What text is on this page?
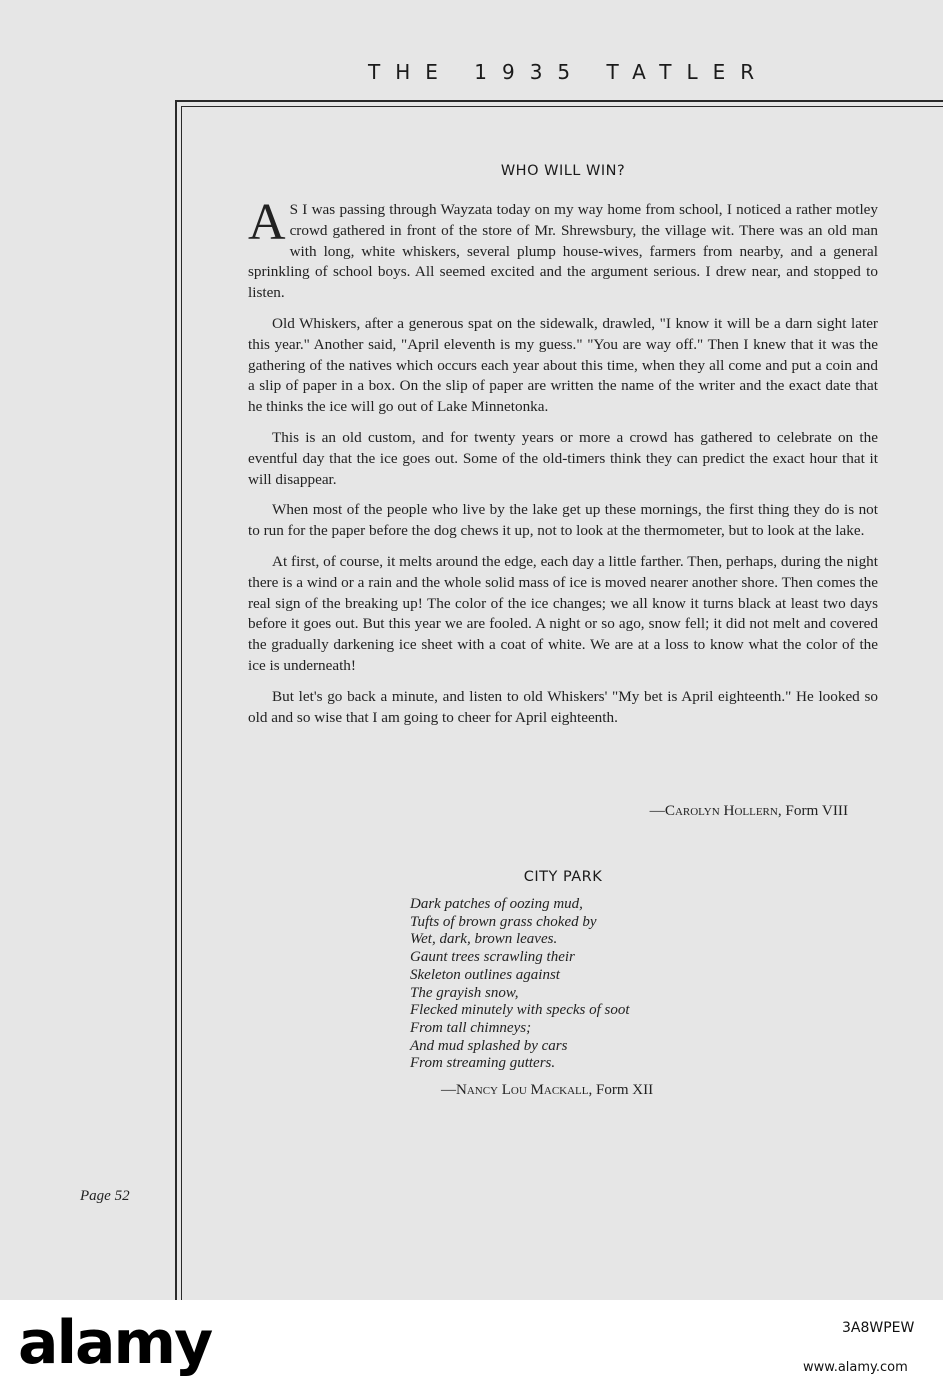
THE 1935 TATLER
WHO WILL WIN?

A S I was passing through Wayzata today on my way home from school, I noticed a rather motley crowd gathered in front of the store of Mr. Shrewsbury, the village wit. There was an old man with long, white whiskers, several plump house-wives, farmers from nearby, and a general sprinkling of school boys. All seemed excited and the argument serious. I drew near, and stopped to listen.

Old Whiskers, after a generous spat on the sidewalk, drawled, "I know it will be a darn sight later this year." Another said, "April eleventh is my guess." "You are way off." Then I knew that it was the gathering of the natives which occurs each year about this time, when they all come and put a coin and a slip of paper in a box. On the slip of paper are written the name of the writer and the exact date that he thinks the ice will go out of Lake Minnetonka.

This is an old custom, and for twenty years or more a crowd has gathered to celebrate on the eventful day that the ice goes out. Some of the old-timers think they can predict the exact hour that it will disappear.

When most of the people who live by the lake get up these mornings, the first thing they do is not to run for the paper before the dog chews it up, not to look at the thermometer, but to look at the lake.

At first, of course, it melts around the edge, each day a little farther. Then, perhaps, during the night there is a wind or a rain and the whole solid mass of ice is moved nearer another shore. Then comes the real sign of the breaking up! The color of the ice changes; we all know it turns black at least two days before it goes out. But this year we are fooled. A night or so ago, snow fell; it did not melt and covered the gradually darkening ice sheet with a coat of white. We are at a loss to know what the color of the ice is underneath!

But let's go back a minute, and listen to old Whiskers' "My bet is April eighteenth." He looked so old and so wise that I am going to cheer for April eighteenth.

—Carolyn Hollern, Form VIII
CITY PARK
Dark patches of oozing mud,
Tufts of brown grass choked by
Wet, dark, brown leaves.
Gaunt trees scrawling their
Skeleton outlines against
The grayish snow,
Flecked minutely with specks of soot
From tall chimneys;
And mud splashed by cars
From streaming gutters.
—Nancy Lou Mackall, Form XII
Page 52
alamy	3A8WPEW
www.alamy.com
